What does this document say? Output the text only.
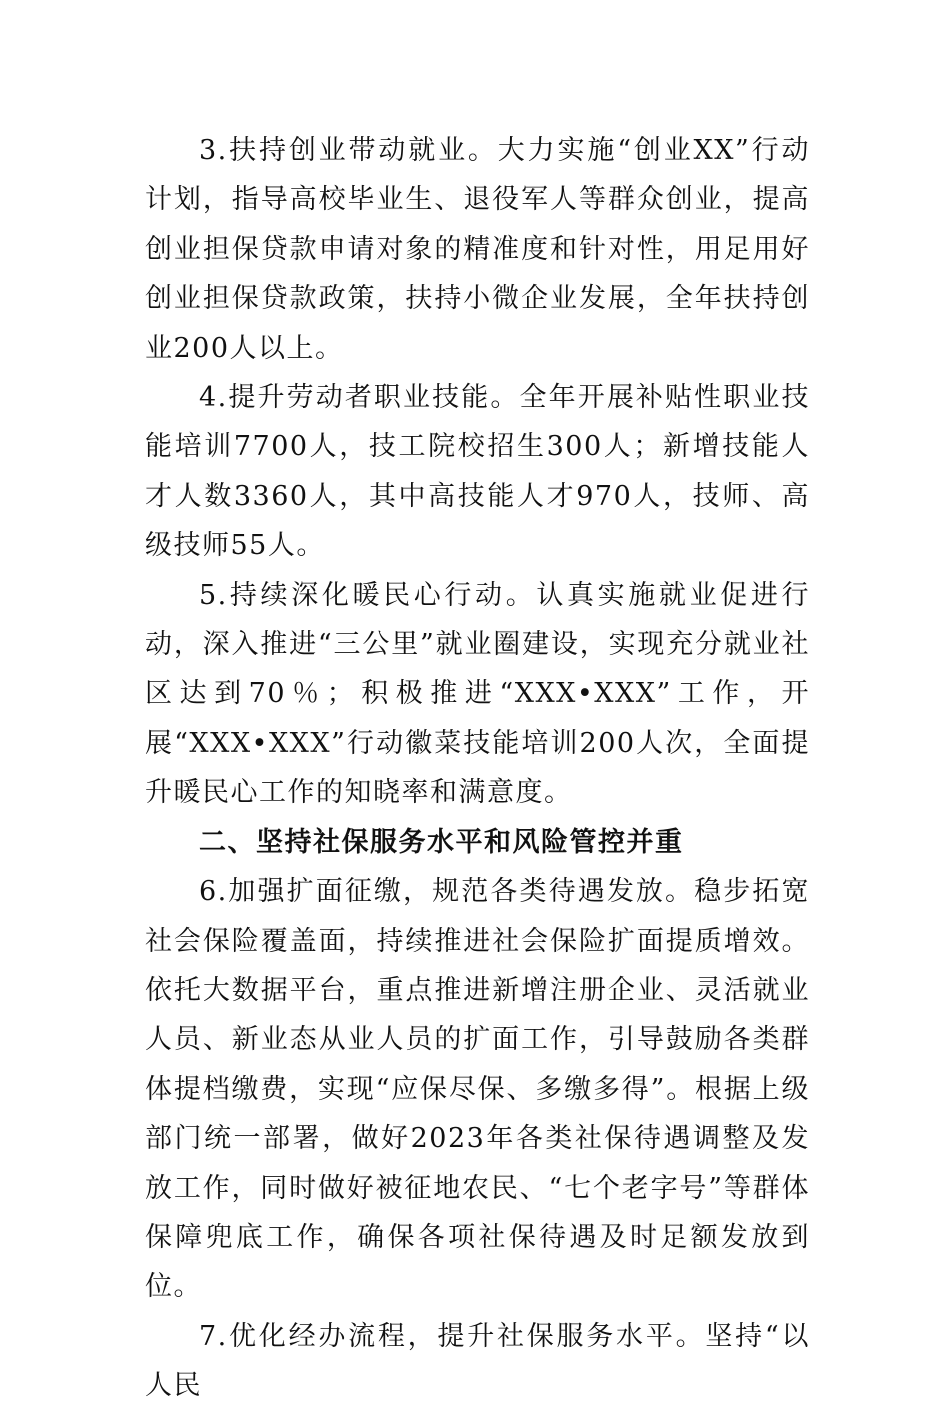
3.扶持创业带动就业。大力实施“创业XX”行动计划，指导高校毕业生、退役军人等群众创业，提高创业担保贷款申请对象的精准度和针对性，用足用好创业担保贷款政策，扶持小微企业发展，全年扶持创业200人以上。

4.提升劳动者职业技能。全年开展补贴性职业技能培训7700人，技工院校招生300人；新增技能人才人数3360人，其中高技能人才970人，技师、高级技师55人。

5.持续深化暖民心行动。认真实施就业促进行动，深入推进“三公里”就业圈建设，实现充分就业社区达到70％；积极推进“XXX•XXX”工作，开展“XXX•XXX”行动徽菜技能培训200人次，全面提升暖民心工作的知晓率和满意度。

二、坚持社保服务水平和风险管控并重

6.加强扩面征缴，规范各类待遇发放。稳步拓宽社会保险覆盖面，持续推进社会保险扩面提质增效。依托大数据平台，重点推进新增注册企业、灵活就业人员、新业态从业人员的扩面工作，引导鼓励各类群体提档缴费，实现“应保尽保、多缴多得”。根据上级部门统一部署，做好2023年各类社保待遇调整及发放工作，同时做好被征地农民、“七个老字号”等群体保障兜底工作，确保各项社保待遇及时足额发放到位。

7.优化经办流程，提升社保服务水平。坚持“以人民
